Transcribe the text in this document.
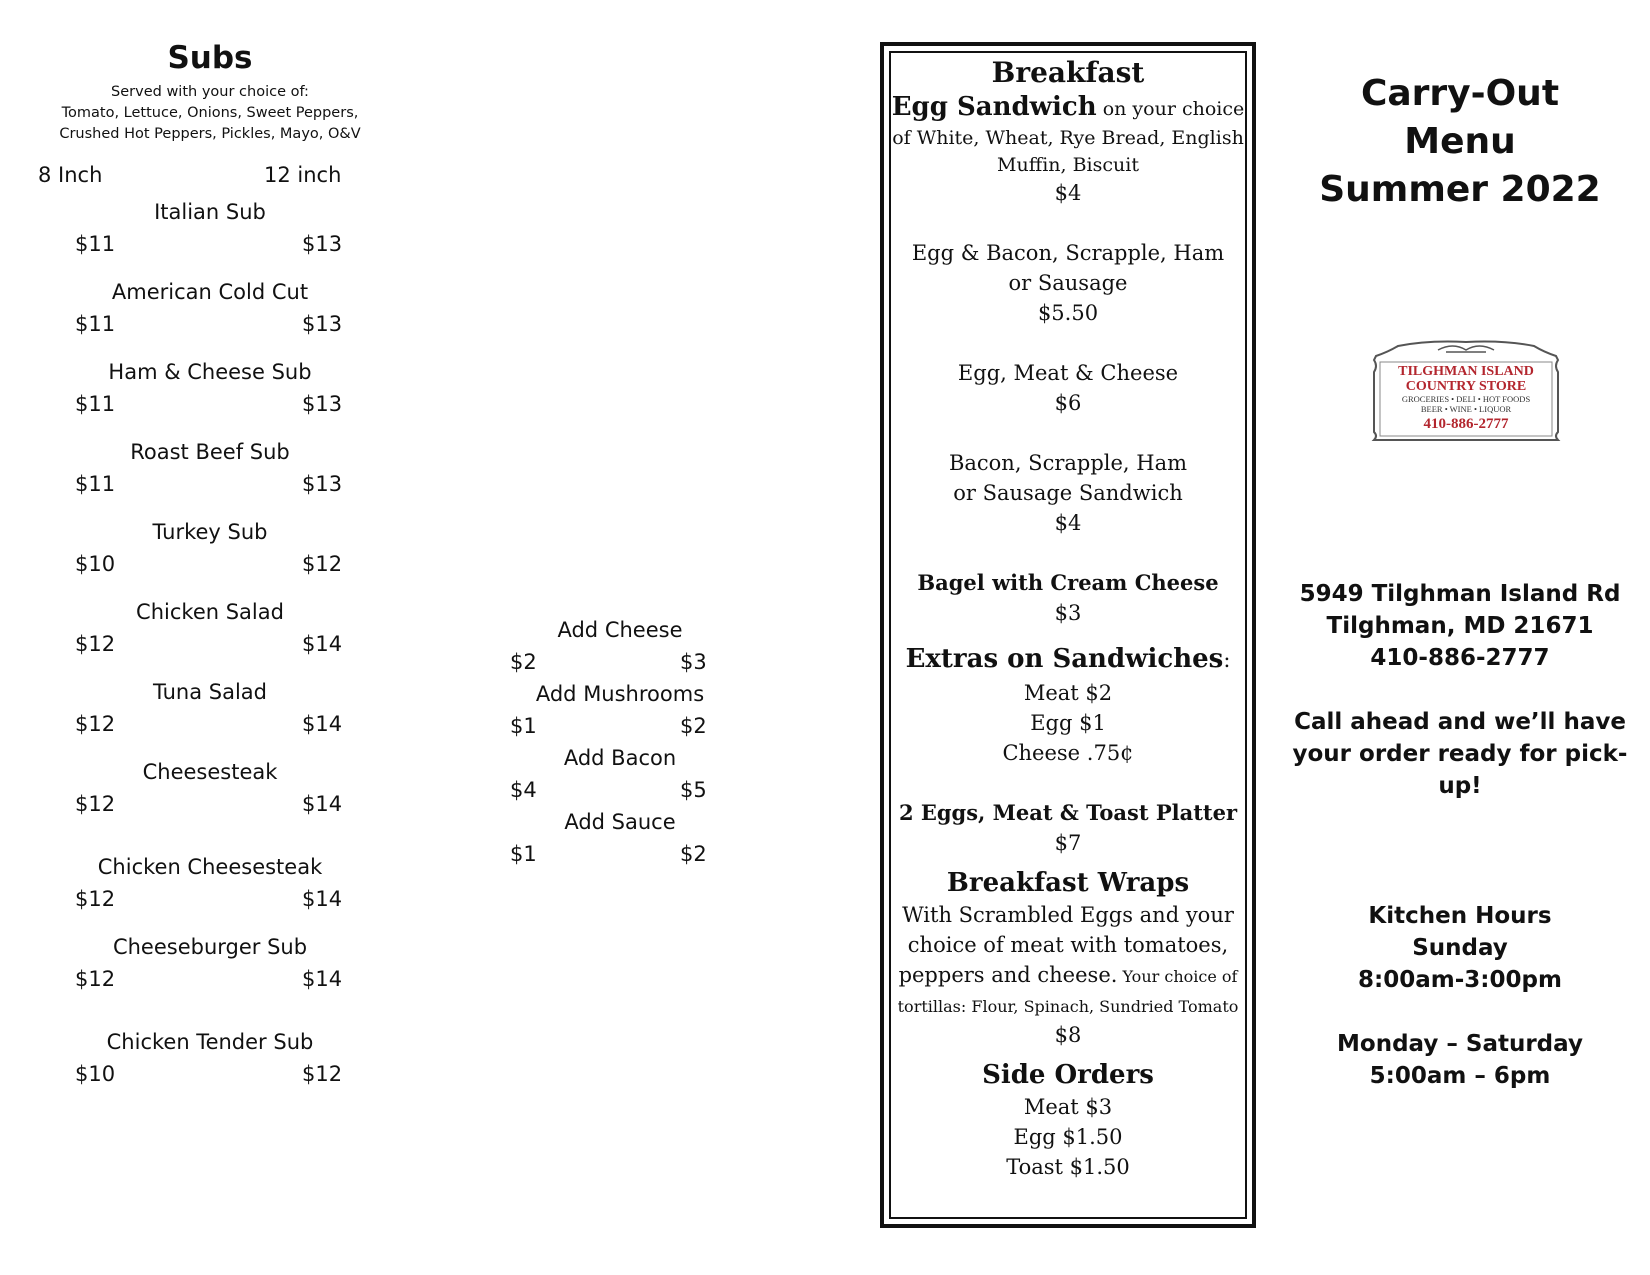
Subs
Served with your choice of:
Tomato, Lettuce, Onions, Sweet Peppers,
Crushed Hot Peppers, Pickles, Mayo, O&V
8 Inch	12 inch
Italian Sub
$11	$13
American Cold Cut
$11	$13
Ham & Cheese Sub
$11	$13
Roast Beef Sub
$11	$13
Turkey Sub
$10	$12
Chicken Salad
$12	$14
Tuna Salad
$12	$14
Cheesesteak
$12	$14
Chicken Cheesesteak
$12	$14
Cheeseburger Sub
$12	$14
Chicken Tender Sub
$10	$12
Add Cheese
$2	$3
Add Mushrooms
$1	$2
Add Bacon
$4	$5
Add Sauce
$1	$2
Breakfast
Egg Sandwich on your choice of White, Wheat, Rye Bread, English Muffin, Biscuit
$4
Egg & Bacon, Scrapple, Ham or Sausage
$5.50
Egg, Meat & Cheese
$6
Bacon, Scrapple, Ham or Sausage Sandwich
$4
Bagel with Cream Cheese
$3
Extras on Sandwiches:
Meat $2
Egg $1
Cheese .75¢
2 Eggs, Meat & Toast Platter
$7
Breakfast Wraps
With Scrambled Eggs and your choice of meat with tomatoes, peppers and cheese. Your choice of tortillas: Flour, Spinach, Sundried Tomato
$8
Side Orders
Meat $3
Egg $1.50
Toast $1.50
Carry-Out
Menu
Summer 2022
TILGHMAN ISLAND
COUNTRY STORE
GROCERIES • DELI • HOT FOODS
BEER • WINE • LIQUOR
410-886-2777
5949 Tilghman Island Rd
Tilghman, MD 21671
410-886-2777
Call ahead and we’ll have
your order ready for pick-
up!
Kitchen Hours
Sunday
8:00am-3:00pm
Monday – Saturday
5:00am – 6pm
